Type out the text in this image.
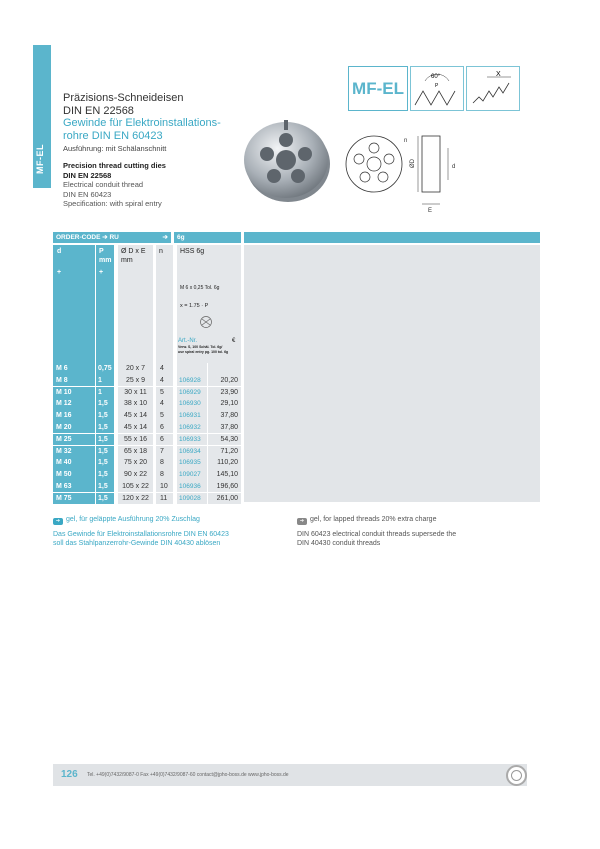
MF-EL
Präzisions-Schneideisen
DIN EN 22568
Gewinde für Elektroinstallations-
rohre DIN EN 60423
Ausführung: mit Schälanschnitt
Precision thread cutting dies
DIN EN 22568
Electrical conduit thread
DIN EN 60423
Specification: with spiral entry
n
ØD	d
E
MF-EL
60°
P
X
ORDER-CODE ➔ RU	➔	6g
d
+
P
mm
+
Ø D x E
mm
n HSS 6g
M 6 x 0,25 Tol. 6g
x = 1.75 · P
Art.-Nr.	€
Verw. S, 100 Schäl. Tol. 6g/
use spiral entry pg. 100 tol. 6g
M 6	0,75	20 x 7	4
M 8	1	25 x 9	4	106928	20,20
M 10	1	30 x 11	5	106929	23,90
M 12	1,5	38 x 10	4	106930	29,10
M 16	1,5	45 x 14	5	106931	37,80
M 20	1,5	45 x 14	6	106932	37,80
M 25	1,5	55 x 16	6	106933	54,30
M 32	1,5	65 x 18	7	106934	71,20
M 40	1,5	75 x 20	8	106935	110,20
M 50	1,5	90 x 22	8	109027	145,10
M 63	1,5	105 x 22	10	106936	196,60
M 75	1,5	120 x 22	11	109028	261,00
➔ gel, für geläppte Ausführung 20% Zuschlag
Das Gewinde für Elektroinstallationsrohre DIN EN 60423
soll das Stahlpanzerrohr-Gewinde DIN 40430 ablösen
➔ gel, for lapped threads 20% extra charge
DIN 60423 electrical conduit threads supersede the
DIN 40430 conduit threads
126 Tel. +49(0)7432/9087-0 Fax +49(0)7432/9087-60 contact@jpho-boss.de www.jpho-boss.de
